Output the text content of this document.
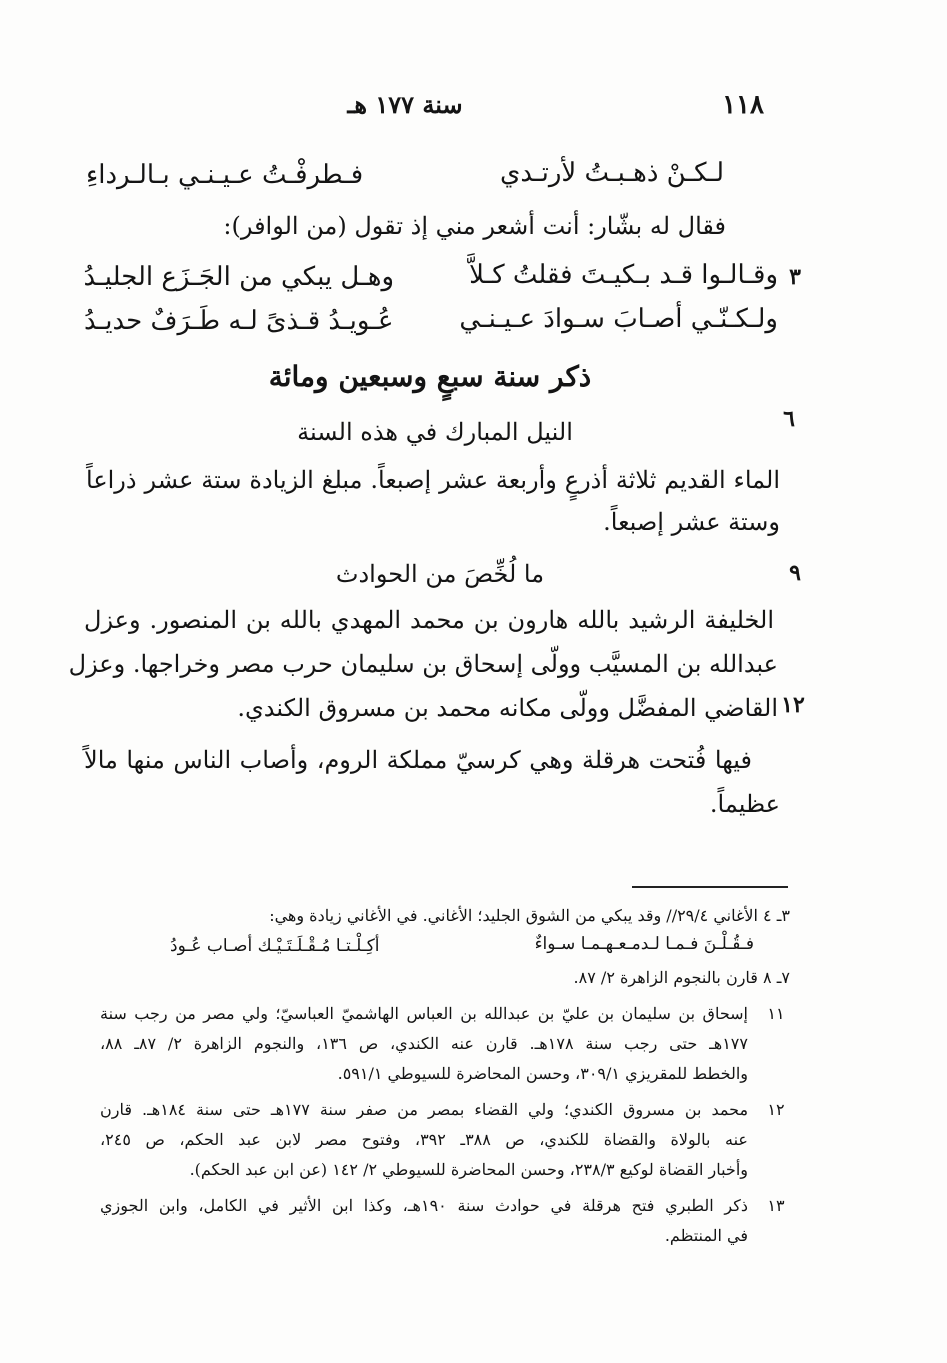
١١٨
سنة ١٧٧ هـ
لـكـنْ ذهـبـتُ لأرتـدي
فـطرفْـتُ عـيـنـي بـالـرداءِ
فقال له بشّار: أنت أشعر مني إذ تقول (من الوافر):
٣
وقـالـوا قـد بـكيـتَ فقلتُ كـلاَّ
وهـل يبكي من الجَـزَع الجليـدُ
ولـكـنّـي أصـابَ سـوادَ عـيـنـي
عُـويـدُ قـذىً لـه طَـرَفٌ حديـدُ
ذكر سنة سبعٍ وسبعين ومائة
٦
النيل المبارك في هذه السنة
الماء القديم ثلاثة أذرعٍ وأربعة عشر إصبعاً. مبلغ الزيادة ستة عشر ذراعاً
وستة عشر إصبعاً.
٩
ما لُخِّصَ من الحوادث
الخليفة الرشيد بالله هارون بن محمد المهدي بالله بن المنصور. وعزل
عبدالله بن المسيَّب وولّى إسحاق بن سليمان حرب مصر وخراجها. وعزل
١٢
القاضي المفضَّل وولّى مكانه محمد بن مسروق الكندي.
فيها فُتحت هرقلة وهي كرسيّ مملكة الروم، وأصاب الناس منها مالاً
عظيماً.
٣ـ ٤ الأغاني ٢٩/٤// وقد يبكي من الشوق الجليد؛ الأغاني. في الأغاني زيادة وهي:
فـقُـلْـنَ فـمـا لـدمـعـهـمـا سـواءٌ
أكِـلْـتـا مُـقْـلَـتَـيْـك أصـاب عُـودُ
٧ـ ٨ قارن بالنجوم الزاهرة ٢/ ٨٧.
١١
إسحاق بن سليمان بن عليّ بن عبدالله بن العباس الهاشميّ العباسيّ؛ ولي مصر من رجب سنة
١٧٧هـ حتى رجب سنة ١٧٨هـ. قارن عنه الكندي، ص ١٣٦، والنجوم الزاهرة ٢/ ٨٧ـ ٨٨،
والخطط للمقريزي ٣٠٩/١، وحسن المحاضرة للسيوطي ٥٩١/١.
١٢
محمد بن مسروق الكندي؛ ولي القضاء بمصر من صفر سنة ١٧٧هـ حتى سنة ١٨٤هـ. قارن
عنه بالولاة والقضاة للكندي، ص ٣٨٨ـ ٣٩٢، وفتوح مصر لابن عبد الحكم، ص ٢٤٥،
وأخبار القضاة لوكيع ٢٣٨/٣، وحسن المحاضرة للسيوطي ٢/ ١٤٢ (عن ابن عبد الحكم).
١٣
ذكر الطبري فتح هرقلة في حوادث سنة ١٩٠هـ، وكذا ابن الأثير في الكامل، وابن الجوزي
في المنتظم.
